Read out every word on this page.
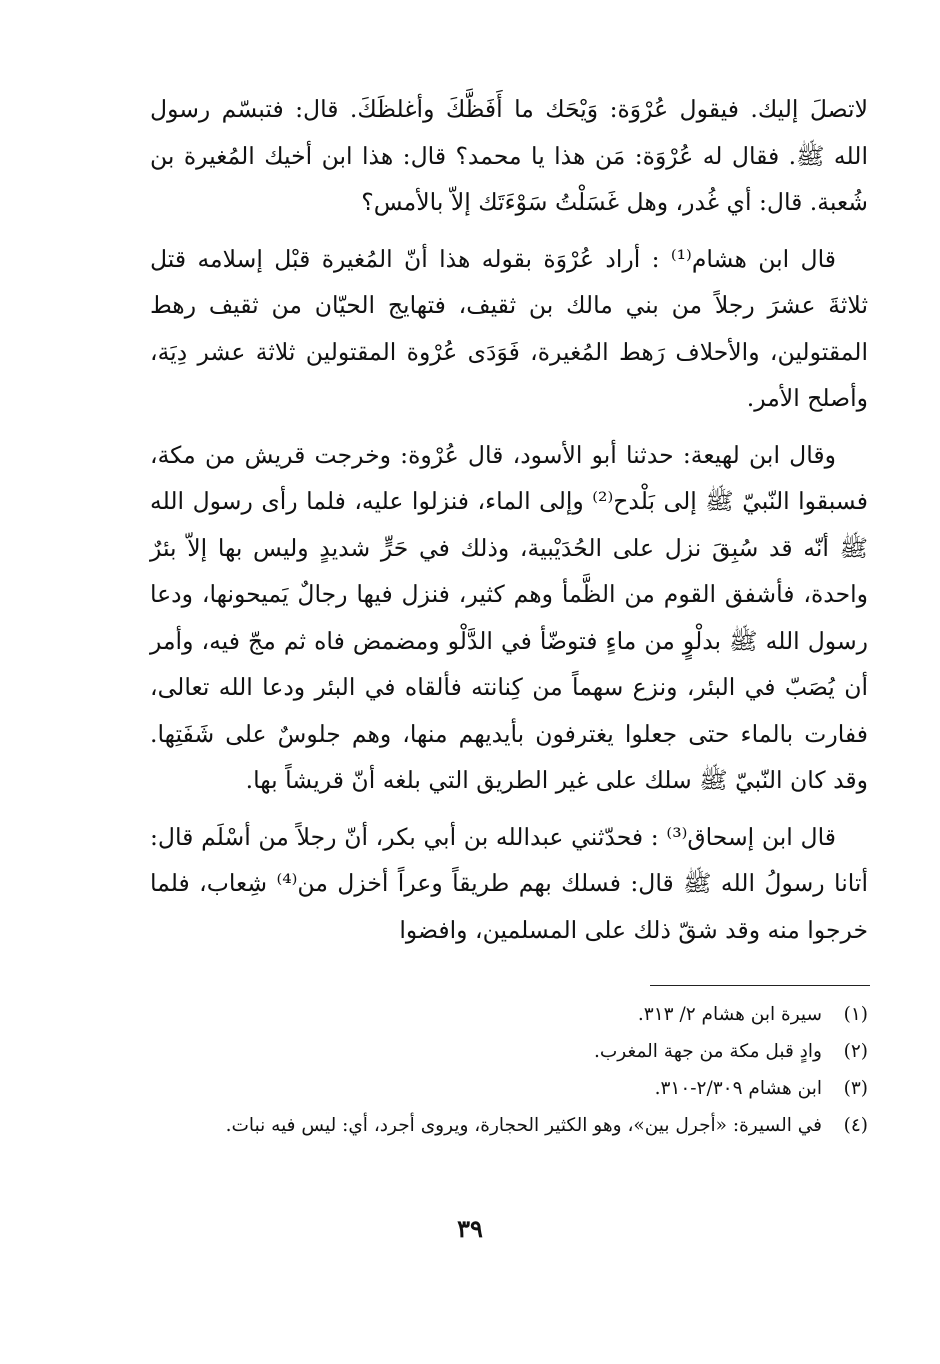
لاتصلَ إليك. فيقول عُرْوَة: وَيْحَك ما أَفَظَّكَ وأغلظَكَ. قال: فتبسّم رسول الله ﷺ. فقال له عُرْوَة: مَن هذا يا محمد؟ قال: هذا ابن أخيك المُغيرة بن شُعبة. قال: أي غُدر، وهل غَسَلْتُ سَوْءَتَك إلاّ بالأمس؟

قال ابن هشام⁽¹⁾ : أراد عُرْوَة بقوله هذا أنّ المُغيرة قبْل إسلامه قتل ثلاثةَ عشرَ رجلاً من بني مالك بن ثقيف، فتهايج الحيّان من ثقيف رهط المقتولين، والأحلاف رَهط المُغيرة، فَوَدَى عُرْوة المقتولين ثلاثة عشر دِيَة، وأصلح الأمر.

وقال ابن لهيعة: حدثنا أبو الأسود، قال عُرْوة: وخرجت قريش من مكة، فسبقوا النّبيّ ﷺ إلى بَلْدح⁽²⁾ وإلى الماء، فنزلوا عليه، فلما رأى رسول الله ﷺ أنّه قد سُبِقَ نزل على الحُدَيْبية، وذلك في حَرٍّ شديدٍ وليس بها إلاّ بئرٌ واحدة، فأشفق القوم من الظَّمأ وهم كثير، فنزل فيها رجالٌ يَميحونها، ودعا رسول الله ﷺ بدلْوٍ من ماءٍ فتوضّأ في الدَّلْو ومضمض فاه ثم مجّ فيه، وأمر أن يُصَبّ في البئر، ونزع سهماً من كِنانته فألقاه في البئر ودعا الله تعالى، ففارت بالماء حتى جعلوا يغترفون بأيديهم منها، وهم جلوسٌ على شَفَتِها. وقد كان النّبيّ ﷺ سلك على غير الطريق التي بلغه أنّ قريشاً بها.

قال ابن إسحاق⁽³⁾ : فحدّثني عبدالله بن أبي بكر، أنّ رجلاً من أسْلَم قال: أتانا رسولُ الله ﷺ قال: فسلك بهم طريقاً وعراً أخزل من⁽⁴⁾ شِعاب، فلما خرجوا منه وقد شقّ ذلك على المسلمين، وافضوا

(١)
سيرة ابن هشام ٢/ ٣١٣.
(٢)
وادٍ قبل مكة من جهة المغرب.
(٣)
ابن هشام ٢/٣٠٩-٣١٠.
(٤)
في السيرة: «أجرل بين»، وهو الكثير الحجارة، ويروى أجرد، أي: ليس فيه نبات.
٣٩
